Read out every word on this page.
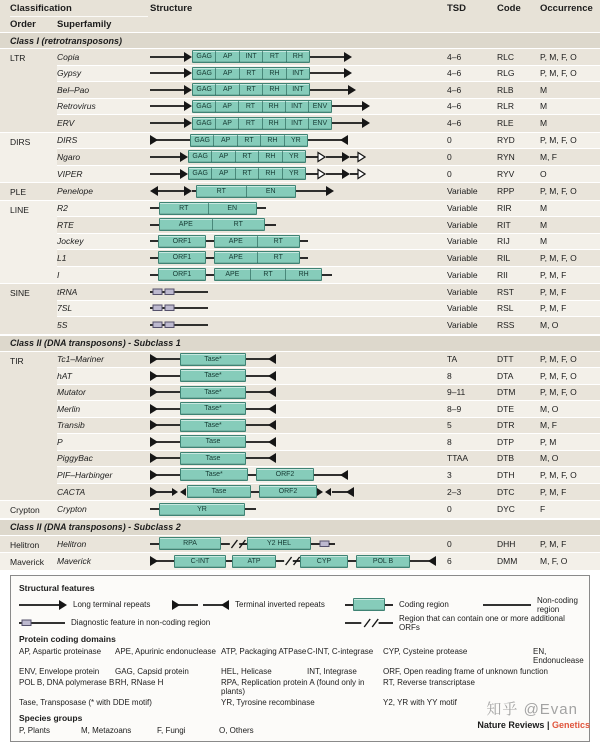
Classification	Structure	TSD	Code	Occurrence
Order	Superfamily
Class I (retrotransposons)
LTR	Copia	GAG	AP	INT	RT	RH	4–6	RLC	P, M, F, O
Gypsy	GAG	AP	RT	RH	INT	4–6	RLG	P, M, F, O
Bel–Pao	GAG	AP	RT	RH	INT	4–6	RLB	M
Retrovirus	GAG	AP	RT	RH	INT	ENV	4–6	RLR	M
ERV	GAG	AP	RT	RH	INT	ENV	4–6	RLE	M
DIRS	DIRS	GAG	AP	RT	RH	YR	0	RYD	P, M, F, O
Ngaro	GAG	AP	RT	RH	YR	0	RYN	M, F
VIPER	GAG	AP	RT	RH	YR	0	RYV	O
PLE	Penelope	RT	EN	Variable	RPP	P, M, F, O
LINE	R2	RT	EN	Variable	RIR	M
RTE	APE	RT	Variable	RIT	M
Jockey	ORF1	APE	RT	Variable	RIJ	M
L1	ORF1	APE	RT	Variable	RIL	P, M, F, O
I	ORF1	APE	RT	RH	Variable	RII	P, M, F
SINE	tRNA	Variable	RST	P, M, F
7SL	Variable	RSL	P, M, F
5S	Variable	RSS	M, O
Class II (DNA transposons) - Subclass 1
TIR	Tc1–Mariner	Tase*	TA	DTT	P, M, F, O
hAT	Tase*	8	DTA	P, M, F, O
Mutator	Tase*	9–11	DTM	P, M, F, O
Merlin	Tase*	8–9	DTE	M, O
Transib	Tase*	5	DTR	M, F
P	Tase	8	DTP	P, M
PiggyBac	Tase	TTAA	DTB	M, O
PIF–Harbinger	Tase*	ORF2	3	DTH	P, M, F, O
CACTA	Tase	ORF2	2–3	DTC	P, M, F
Crypton	Crypton	YR	0	DYC	F
Class II (DNA transposons) - Subclass 2
Helitron	Helitron	RPA	Y2 HEL	0	DHH	P, M, F
Maverick	Maverick	C-INT	ATP	CYP	POL B	6	DMM	M, F, O
Structural features
Long terminal repeats	Terminal inverted repeats	Coding region	Non-coding region
Diagnostic feature in non-coding region	Region that can contain one or more additional ORFs
Protein coding domains
AP, Aspartic proteinase	APE, Apurinic endonuclease ATP, Packaging ATPase C-INT, C-integrase	CYP, Cysteine protease	EN, Endonuclease
ENV, Envelope protein	GAG, Capsid protein	HEL, Helicase	INT, Integrase	ORF, Open reading frame of unknown function
POL B, DNA polymerase B RH, RNase H	RPA, Replication protein A (found only in plants)
RT, Reverse transcriptase
Tase, Transposase (* with DDE motif)	YR, Tyrosine recombinase	Y2, YR with YY motif
Species groups
P, Plants	M, Metazoans	F, Fungi	O, Others
知乎 @Evan
Nature Reviews | Genetics
